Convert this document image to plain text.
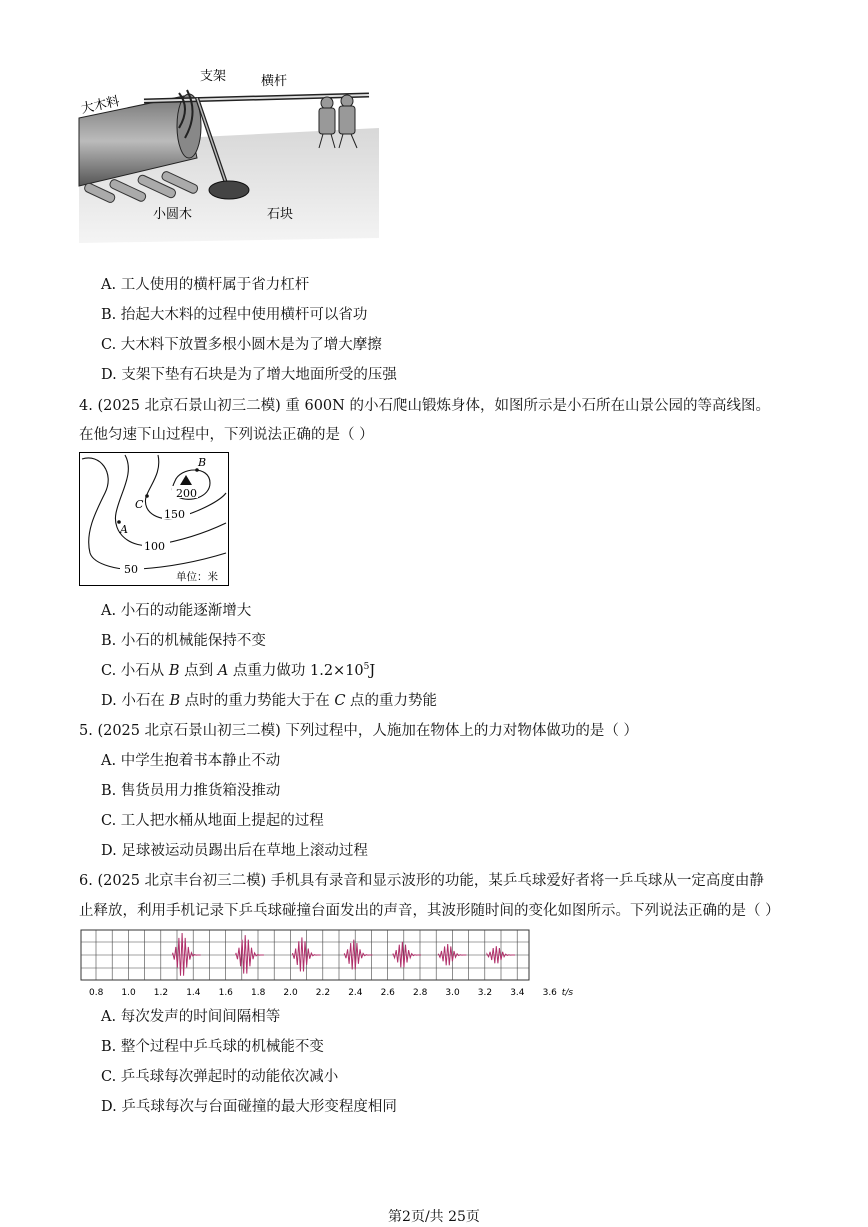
支架	横杆
大木料
小圆木	石块
A. 工人使用的横杆属于省力杠杆
B. 抬起大木料的过程中使用横杆可以省功
C. 大木料下放置多根小圆木是为了增大摩擦
D. 支架下垫有石块是为了增大地面所受的压强
4. (2025 北京石景山初三二模) 重 600N 的小石爬山锻炼身体，如图所示是小石所在山景公园的等高线图。
在他匀速下山过程中，下列说法正确的是（ ）
200
150
100
50
B
C
A
单位：米
A. 小石的动能逐渐增大
B. 小石的机械能保持不变
C. 小石从 B 点到 A 点重力做功 $1.2\times 10^5J$
D. 小石在 B 点时的重力势能大于在 C 点的重力势能
5. (2025 北京石景山初三二模) 下列过程中，人施加在物体上的力对物体做功的是（ ）
A. 中学生抱着书本静止不动
B. 售货员用力推货箱没推动
C. 工人把水桶从地面上提起的过程
D. 足球被运动员踢出后在草地上滚动过程
6. (2025 北京丰台初三二模) 手机具有录音和显示波形的功能，某乒乓球爱好者将一乒乓球从一定高度由静
止释放，利用手机记录下乒乓球碰撞台面发出的声音，其波形随时间的变化如图所示。下列说法正确的是（ ）
0.8 1.0 1.2 1.4 1.6 1.8 2.0 2.2 2.4 2.6 2.8 3.0 3.2 3.4 3.6 t/s
A. 每次发声的时间间隔相等
B. 整个过程中乒乓球的机械能不变
C. 乒乓球每次弹起时的动能依次减小
D. 乒乓球每次与台面碰撞的最大形变程度相同
第2页/共 25页
